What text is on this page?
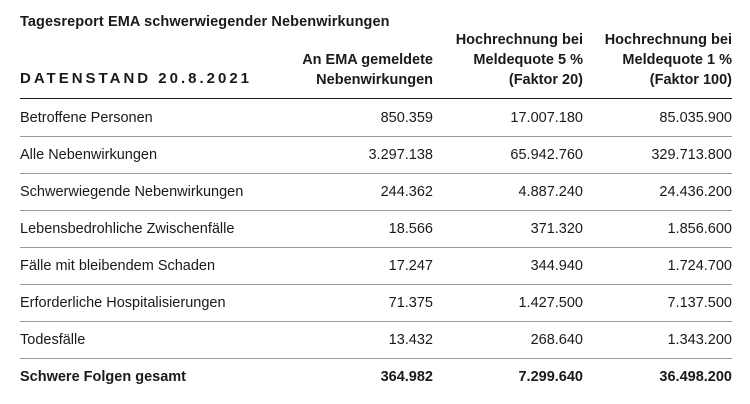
Tagesreport EMA schwerwiegender Nebenwirkungen
DATENSTAND 20.8.2021
An EMA gemeldete
Nebenwirkungen
Hochrechnung bei
Meldequote 5 %
(Faktor 20)
Hochrechnung bei
Meldequote 1 %
(Faktor 100)
Betroffene Personen	850.359	17.007.180	85.035.900
Alle Nebenwirkungen	3.297.138	65.942.760	329.713.800
Schwerwiegende Nebenwirkungen	244.362	4.887.240	24.436.200
Lebensbedrohliche Zwischenfälle	18.566	371.320	1.856.600
Fälle mit bleibendem Schaden	17.247	344.940	1.724.700
Erforderliche Hospitalisierungen	71.375	1.427.500	7.137.500
Todesfälle	13.432	268.640	1.343.200
Schwere Folgen gesamt	364.982	7.299.640	36.498.200
